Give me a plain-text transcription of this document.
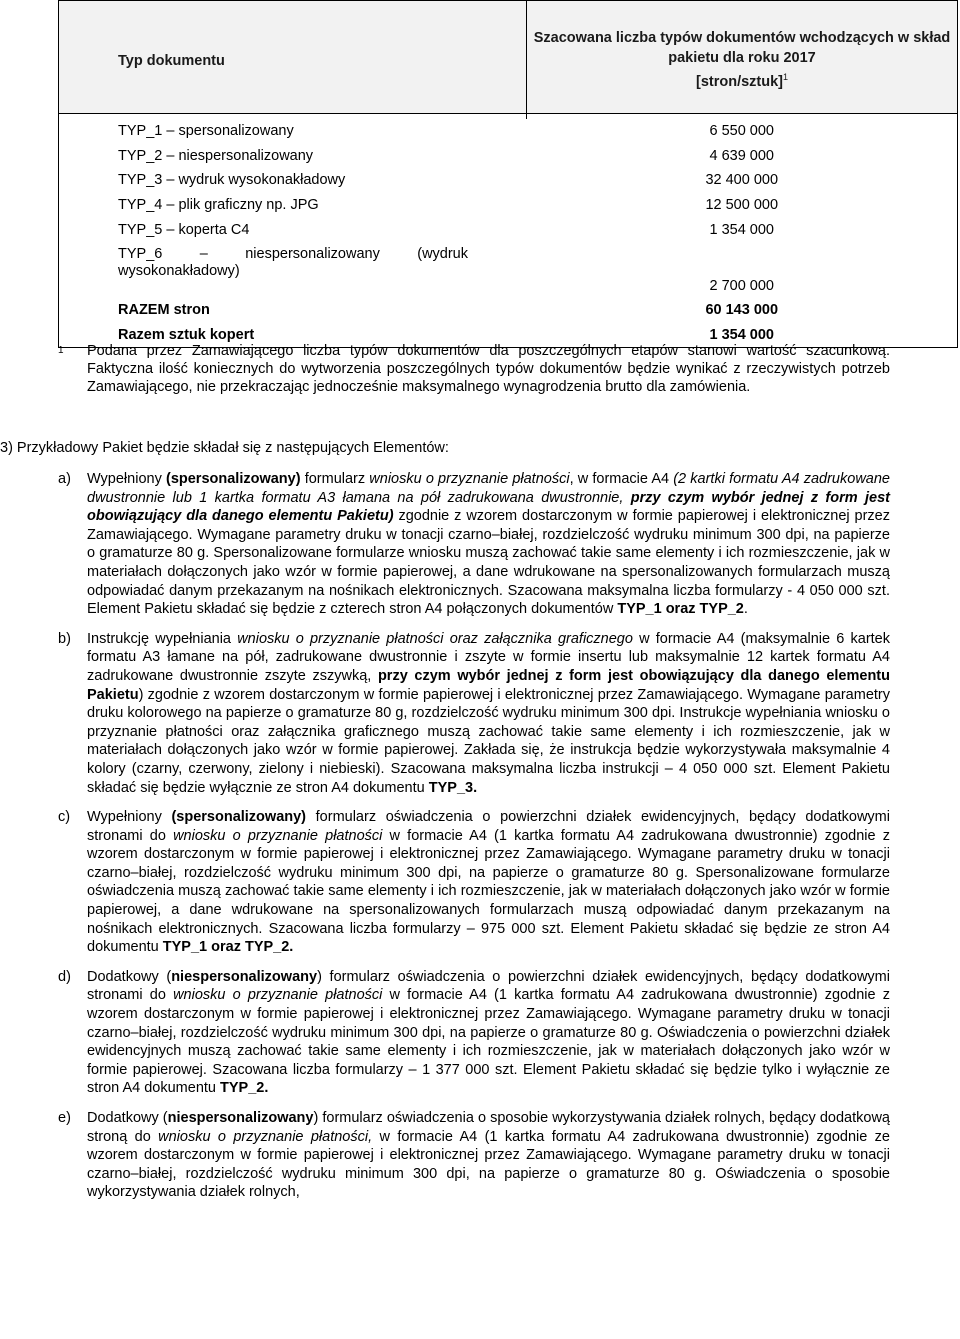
Typ dokumentu	Szacowana liczba typów dokumentów wchodzących w skład
pakietu dla roku 2017
[stron/sztuk]$^1$

TYP_1 – spersonalizowany	6 550 000
TYP_2 – niespersonalizowany	4 639 000
TYP_3 – wydruk wysokonakładowy	32 400 000
TYP_4 – plik graficzny np. JPG	12 500 000
TYP_5 – koperta C4	1 354 000

TYP_6 – niespersonalizowany (wydruk
wysokonakładowy)	2 700 000
RAZEM stron	60 143 000
Razem sztuk kopert	1 354 000
1 Podana przez Zamawiającego liczba typów dokumentów dla poszczególnych etapów stanowi wartość szacunkową. Faktyczna ilość koniecznych do wytworzenia poszczególnych typów dokumentów będzie wynikać z rzeczywistych potrzeb Zamawiającego, nie przekraczając jednocześnie maksymalnego wynagrodzenia brutto dla zamówienia.
3) Przykładowy Pakiet będzie składał się z następujących Elementów:
a) Wypełniony (spersonalizowany) formularz wniosku o przyznanie płatności, w formacie A4 (2 kartki formatu A4 zadrukowane dwustronnie lub 1 kartka formatu A3 łamana na pół zadrukowana dwustronnie, przy czym wybór jednej z form jest obowiązujący dla danego elementu Pakietu) zgodnie z wzorem dostarczonym w formie papierowej i elektronicznej przez Zamawiającego. Wymagane parametry druku w tonacji czarno–białej, rozdzielczość wydruku minimum 300 dpi, na papierze o gramaturze 80 g. Spersonalizowane formularze wniosku muszą zachować takie same elementy i ich rozmieszczenie, jak w materiałach dołączonych jako wzór w formie papierowej, a dane wdrukowane na spersonalizowanych formularzach muszą odpowiadać danym przekazanym na nośnikach elektronicznych. Szacowana maksymalna liczba formularzy - 4 050 000 szt. Element Pakietu składać się będzie z czterech stron A4 połączonych dokumentów TYP_1 oraz TYP_2.
b) Instrukcję wypełniania wniosku o przyznanie płatności oraz załącznika graficznego w formacie A4 (maksymalnie 6 kartek formatu A3 łamane na pół, zadrukowane dwustronnie i zszyte w formie insertu lub maksymalnie 12 kartek formatu A4 zadrukowane dwustronnie zszyte zszywką, przy czym wybór jednej z form jest obowiązujący dla danego elementu Pakietu) zgodnie z wzorem dostarczonym w formie papierowej i elektronicznej przez Zamawiającego. Wymagane parametry druku kolorowego na papierze o gramaturze 80 g, rozdzielczość wydruku minimum 300 dpi. Instrukcje wypełniania wniosku o przyznanie płatności oraz załącznika graficznego muszą zachować takie same elementy i ich rozmieszczenie, jak w materiałach dołączonych jako wzór w formie papierowej. Zakłada się, że instrukcja będzie wykorzystywała maksymalnie 4 kolory (czarny, czerwony, zielony i niebieski). Szacowana maksymalna liczba instrukcji – 4 050 000 szt. Element Pakietu składać się będzie wyłącznie ze stron A4 dokumentu TYP_3.
c) Wypełniony (spersonalizowany) formularz oświadczenia o powierzchni działek ewidencyjnych, będący dodatkowymi stronami do wniosku o przyznanie płatności w formacie A4 (1 kartka formatu A4 zadrukowana dwustronnie) zgodnie z wzorem dostarczonym w formie papierowej i elektronicznej przez Zamawiającego. Wymagane parametry druku w tonacji czarno–białej, rozdzielczość wydruku minimum 300 dpi, na papierze o gramaturze 80 g. Spersonalizowane formularze oświadczenia muszą zachować takie same elementy i ich rozmieszczenie, jak w materiałach dołączonych jako wzór w formie papierowej, a dane wdrukowane na spersonalizowanych formularzach muszą odpowiadać danym przekazanym na nośnikach elektronicznych. Szacowana liczba formularzy – 975 000 szt. Element Pakietu składać się będzie ze stron A4 dokumentu TYP_1 oraz TYP_2.
d) Dodatkowy (niespersonalizowany) formularz oświadczenia o powierzchni działek ewidencyjnych, będący dodatkowymi stronami do wniosku o przyznanie płatności w formacie A4 (1 kartka formatu A4 zadrukowana dwustronnie) zgodnie z wzorem dostarczonym w formie papierowej i elektronicznej przez Zamawiającego. Wymagane parametry druku w tonacji czarno–białej, rozdzielczość wydruku minimum 300 dpi, na papierze o gramaturze 80 g. Oświadczenia o powierzchni działek ewidencyjnych muszą zachować takie same elementy i ich rozmieszczenie, jak w materiałach dołączonych jako wzór w formie papierowej. Szacowana liczba formularzy – 1 377 000 szt. Element Pakietu składać się będzie tylko i wyłącznie ze stron A4 dokumentu TYP_2.
e) Dodatkowy (niespersonalizowany) formularz oświadczenia o sposobie wykorzystywania działek rolnych, będący dodatkową stroną do wniosku o przyznanie płatności, w formacie A4 (1 kartka formatu A4 zadrukowana dwustronnie) zgodnie ze wzorem dostarczonym w formie papierowej i elektronicznej przez Zamawiającego. Wymagane parametry druku w tonacji czarno–białej, rozdzielczość wydruku minimum 300 dpi, na papierze o gramaturze 80 g. Oświadczenia o sposobie wykorzystywania działek rolnych,
